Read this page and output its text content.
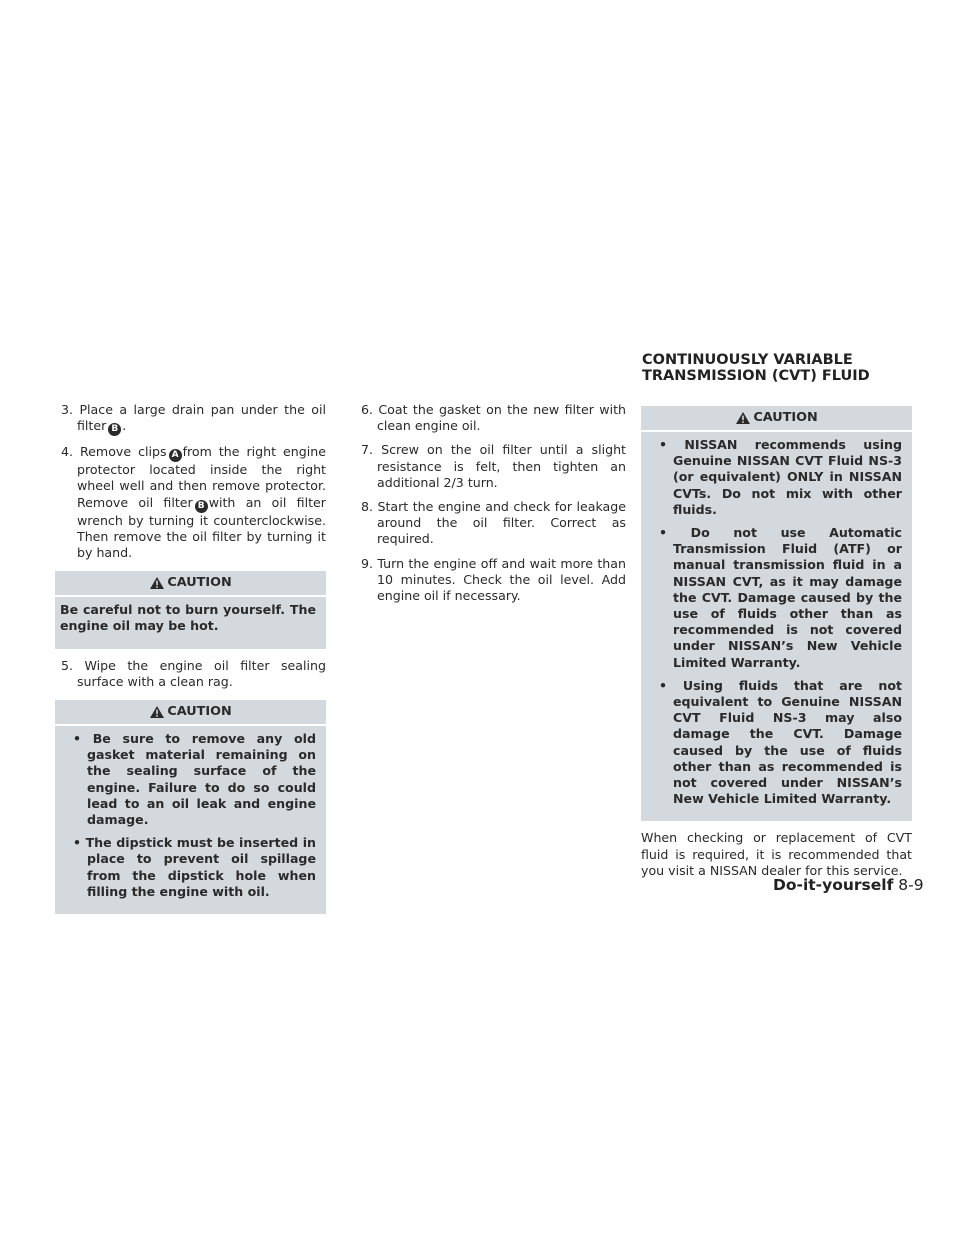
CONTINUOUSLY VARIABLE
TRANSMISSION (CVT) FLUID

3. Place a large drain pan under the oil filter B .

4. Remove clips A from the right engine protector located inside the right wheel well and then remove protector. Remove oil filter B with an oil filter wrench by turning it counterclockwise. Then remove the oil filter by turning it by hand.

CAUTION

Be careful not to burn yourself. The engine oil may be hot.

5. Wipe the engine oil filter sealing surface with a clean rag.

CAUTION

• Be sure to remove any old gasket material remaining on the sealing surface of the engine. Failure to do so could lead to an oil leak and engine damage.

• The dipstick must be inserted in place to prevent oil spillage from the dipstick hole when filling the engine with oil.

6. Coat the gasket on the new filter with clean engine oil.

7. Screw on the oil filter until a slight resistance is felt, then tighten an additional 2/3 turn.

8. Start the engine and check for leakage around the oil filter. Correct as required.

9. Turn the engine off and wait more than 10 minutes. Check the oil level. Add engine oil if necessary.

CAUTION

• NISSAN recommends using Genuine NISSAN CVT Fluid NS-3 (or equivalent) ONLY in NISSAN CVTs. Do not mix with other fluids.

• Do not use Automatic Transmission Fluid (ATF) or manual transmission fluid in a NISSAN CVT, as it may damage the CVT. Damage caused by the use of fluids other than as recommended is not covered under NISSAN’s New Vehicle Limited Warranty.

• Using fluids that are not equivalent to Genuine NISSAN CVT Fluid NS-3 may also damage the CVT. Damage caused by the use of fluids other than as recommended is not covered under NISSAN’s New Vehicle Limited Warranty.

When checking or replacement of CVT fluid is required, it is recommended that you visit a NISSAN dealer for this service.

Do-it-yourself 8-9
